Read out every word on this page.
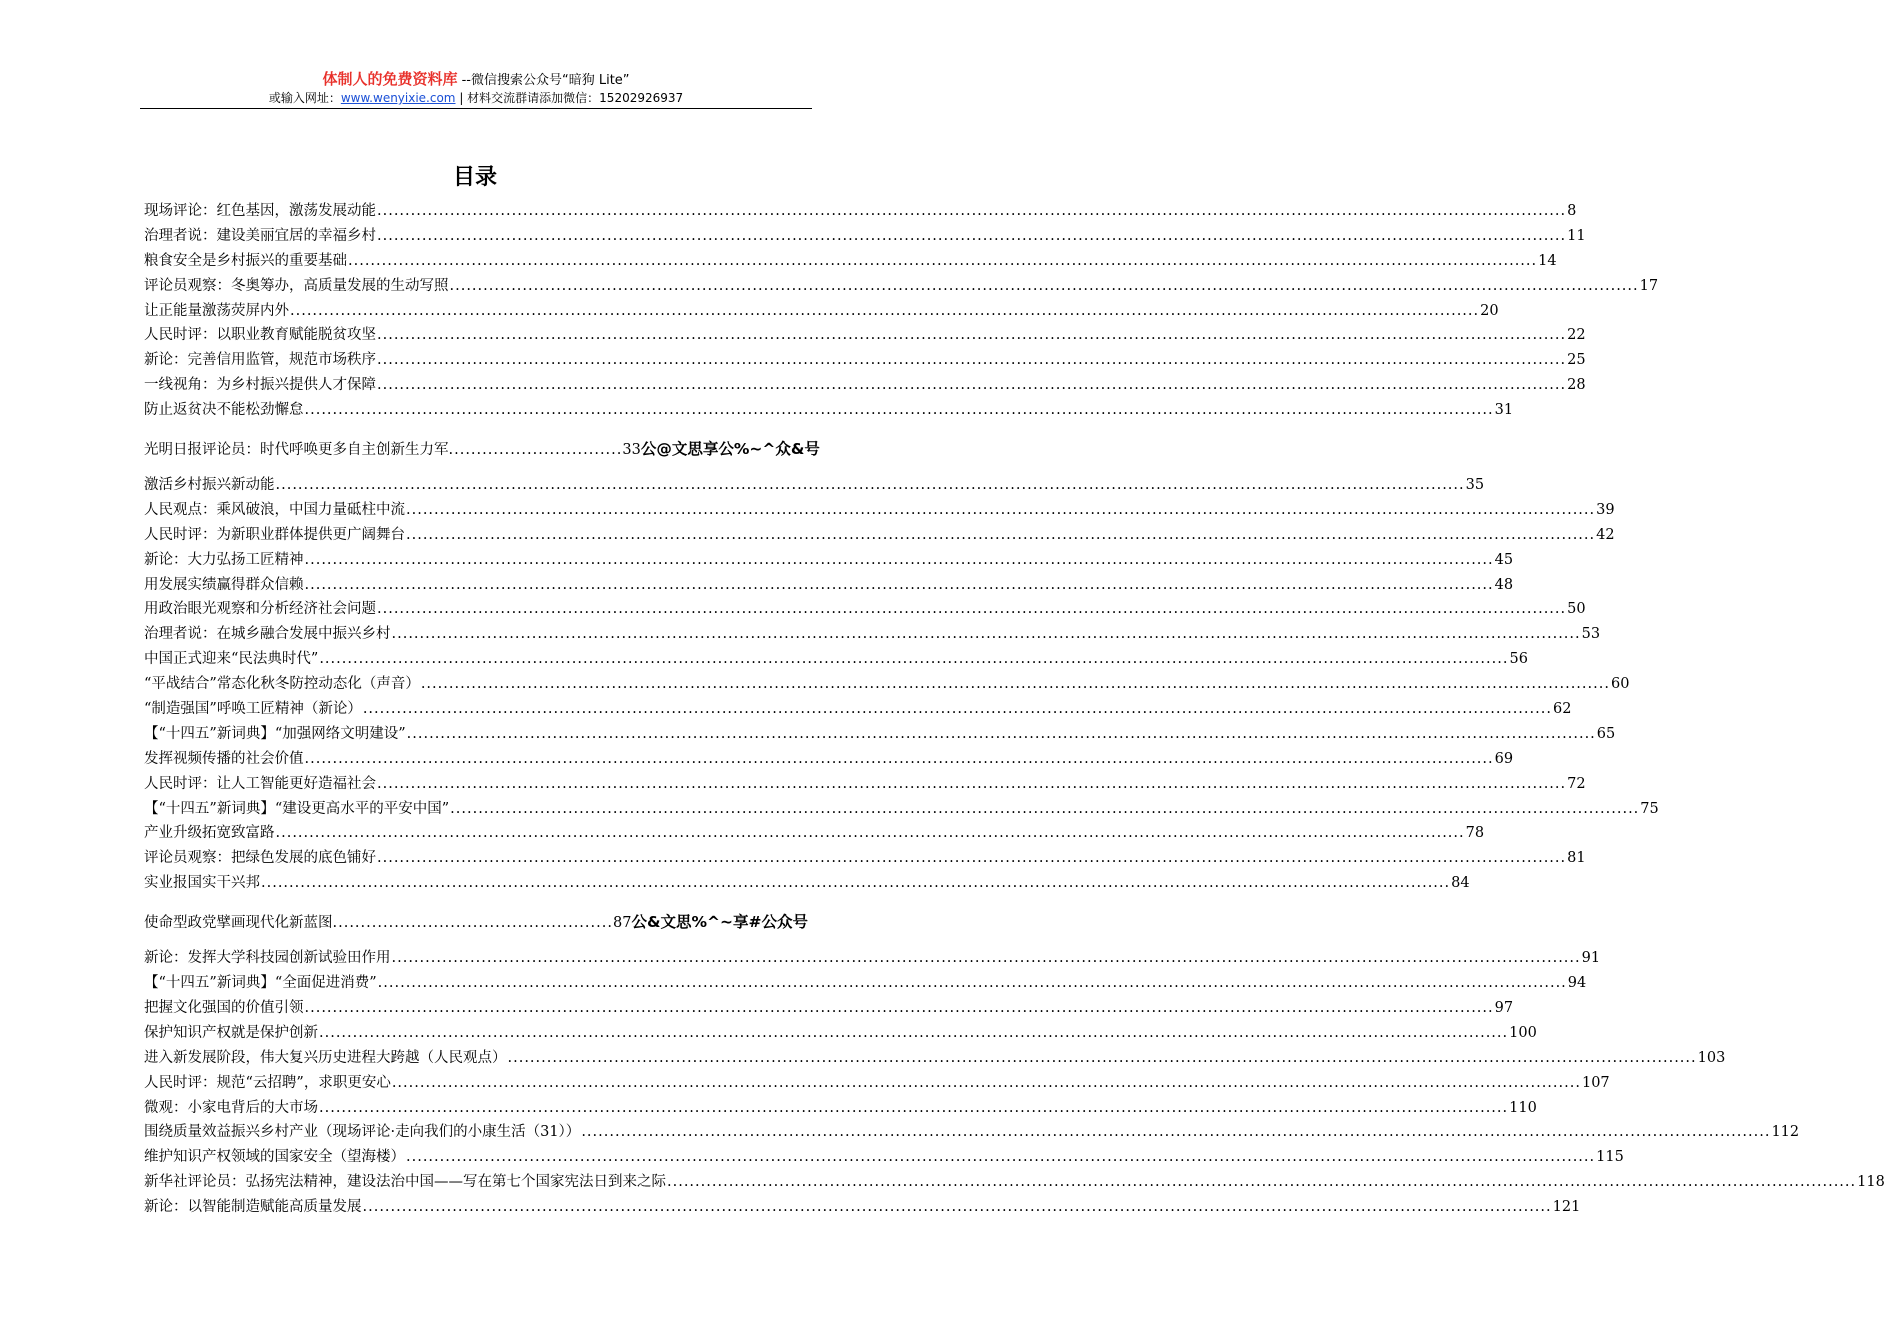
体制人的免费资料库 --微信搜索公众号“暗狗 Lite”
或输入网址：www.wenyixie.com | 材料交流群请添加微信：15202926937
目录
现场评论：红色基因，激荡发展动能 .....	8
治理者说：建设美丽宜居的幸福乡村 .....	11
粮食安全是乡村振兴的重要基础 .....	14
评论员观察：冬奥筹办，高质量发展的生动写照 .....	17
让正能量激荡荧屏内外 .....	20
人民时评：以职业教育赋能脱贫攻坚 .....	22
新论：完善信用监管，规范市场秩序 .....	25
一线视角：为乡村振兴提供人才保障 .....	28
防止返贫决不能松劲懈怠 .....	31
光明日报评论员：时代呼唤更多自主创新生力军 .....	33 公@文思享公%~^众&号
激活乡村振兴新动能 .....	35
人民观点：乘风破浪，中国力量砥柱中流 .....	39
人民时评：为新职业群体提供更广阔舞台 .....	42
新论：大力弘扬工匠精神 .....	45
用发展实绩赢得群众信赖 .....	48
用政治眼光观察和分析经济社会问题 .....	50
治理者说：在城乡融合发展中振兴乡村 .....	53
中国正式迎来“民法典时代” .....	56
“平战结合”常态化秋冬防控动态化（声音） .....	60
“制造强国”呼唤工匠精神（新论） .....	62
【“十四五”新词典】“加强网络文明建设” .....	65
发挥视频传播的社会价值 .....	69
人民时评：让人工智能更好造福社会 .....	72
【“十四五”新词典】“建设更高水平的平安中国” .....	75
产业升级拓宽致富路 .....	78
评论员观察：把绿色发展的底色铺好 .....	81
实业报国实干兴邦 .....	84
使命型政党擘画现代化新蓝图 .....	87 公&文思%^~享#公众号
新论：发挥大学科技园创新试验田作用 .....	91
【“十四五”新词典】“全面促进消费” .....	94
把握文化强国的价值引领 .....	97
保护知识产权就是保护创新 .....	100
进入新发展阶段，伟大复兴历史进程大跨越（人民观点） .....	103
人民时评：规范“云招聘”，求职更安心 .....	107
微观：小家电背后的大市场 .....	110
围绕质量效益振兴乡村产业（现场评论·走向我们的小康生活（31）） .....	112
维护知识产权领域的国家安全（望海楼） .....	115
新华社评论员：弘扬宪法精神，建设法治中国——写在第七个国家宪法日到来之际 .....	118
新论：以智能制造赋能高质量发展 .....	121
